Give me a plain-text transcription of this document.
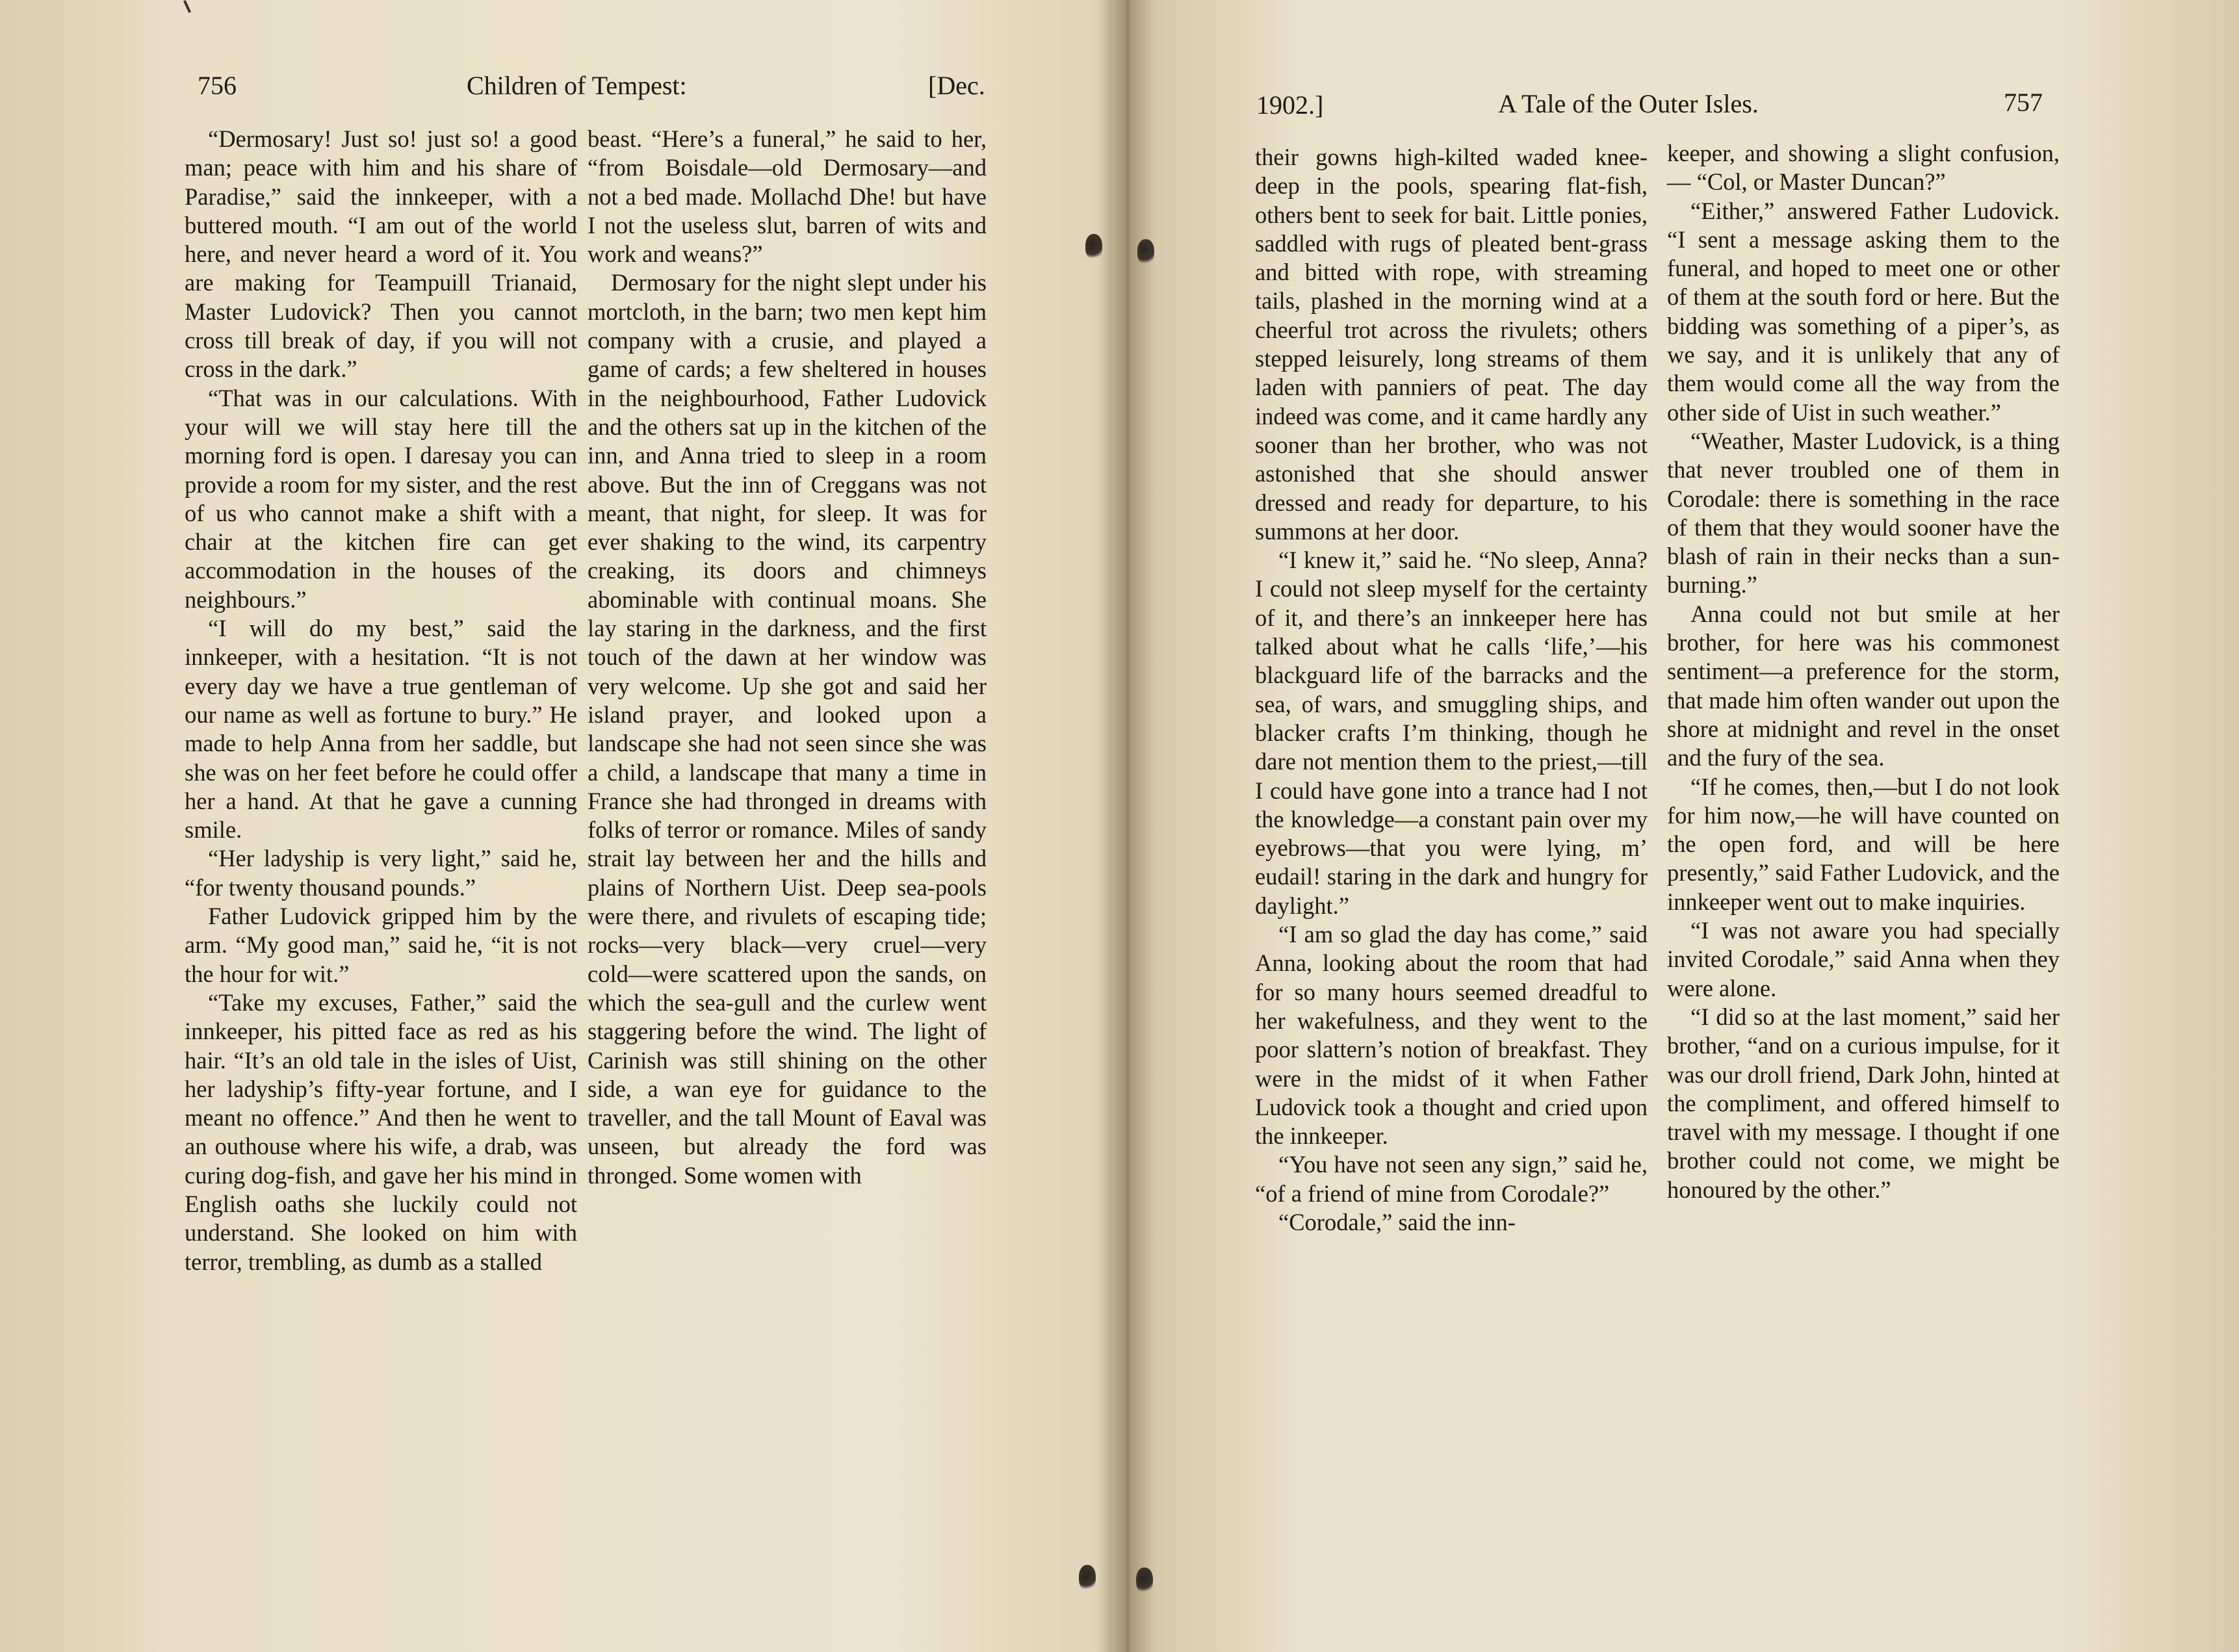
756	Children of Tempest:	[Dec.

“Dermosary! Just so! just so! a good man; peace with him and his share of Paradise,” said the innkeeper, with a buttered mouth. “I am out of the world here, and never heard a word of it. You are making for Teampuill Trianaid, Master Ludovick? Then you cannot cross till break of day, if you will not cross in the dark.”

“That was in our calculations. With your will we will stay here till the morning ford is open. I daresay you can provide a room for my sister, and the rest of us who cannot make a shift with a chair at the kitchen fire can get accommodation in the houses of the neighbours.”

“I will do my best,” said the innkeeper, with a hesitation. “It is not every day we have a true gentleman of our name as well as fortune to bury.” He made to help Anna from her saddle, but she was on her feet before he could offer her a hand. At that he gave a cunning smile.

“Her ladyship is very light,” said he, “for twenty thousand pounds.”

Father Ludovick gripped him by the arm. “My good man,” said he, “it is not the hour for wit.”

“Take my excuses, Father,” said the innkeeper, his pitted face as red as his hair. “It’s an old tale in the isles of Uist, her ladyship’s fifty-year fortune, and I meant no offence.” And then he went to an outhouse where his wife, a drab, was curing dog-fish, and gave her his mind in English oaths she luckily could not understand. She looked on him with terror, trembling, as dumb as a stalled

beast. “Here’s a funeral,” he said to her, “from Boisdale—old Dermosary—and not a bed made. Mollachd Dhe! but have I not the useless slut, barren of wits and work and weans?”

Dermosary for the night slept under his mortcloth, in the barn; two men kept him company with a crusie, and played a game of cards; a few sheltered in houses in the neighbourhood, Father Ludovick and the others sat up in the kitchen of the inn, and Anna tried to sleep in a room above. But the inn of Creggans was not meant, that night, for sleep. It was for ever shaking to the wind, its carpentry creaking, its doors and chimneys abominable with continual moans. She lay staring in the darkness, and the first touch of the dawn at her window was very welcome. Up she got and said her island prayer, and looked upon a landscape she had not seen since she was a child, a landscape that many a time in France she had thronged in dreams with folks of terror or romance. Miles of sandy strait lay between her and the hills and plains of Northern Uist. Deep sea-pools were there, and rivulets of escaping tide; rocks—very black—very cruel—very cold—were scattered upon the sands, on which the sea-gull and the curlew went staggering before the wind. The light of Carinish was still shining on the other side, a wan eye for guidance to the traveller, and the tall Mount of Eaval was unseen, but already the ford was thronged. Some women with

1902.]	A Tale of the Outer Isles.	757

their gowns high-kilted waded knee-deep in the pools, spearing flat-fish, others bent to seek for bait. Little ponies, saddled with rugs of pleated bent-grass and bitted with rope, with streaming tails, plashed in the morning wind at a cheerful trot across the rivulets; others stepped leisurely, long streams of them laden with panniers of peat. The day indeed was come, and it came hardly any sooner than her brother, who was not astonished that she should answer dressed and ready for departure, to his summons at her door.

“I knew it,” said he. “No sleep, Anna? I could not sleep myself for the certainty of it, and there’s an innkeeper here has talked about what he calls ‘life,’—his blackguard life of the barracks and the sea, of wars, and smuggling ships, and blacker crafts I’m thinking, though he dare not mention them to the priest,—till I could have gone into a trance had I not the knowledge—a constant pain over my eyebrows—that you were lying, m’ eudail! staring in the dark and hungry for daylight.”

“I am so glad the day has come,” said Anna, looking about the room that had for so many hours seemed dreadful to her wakefulness, and they went to the poor slattern’s notion of breakfast. They were in the midst of it when Father Ludovick took a thought and cried upon the innkeeper.

“You have not seen any sign,” said he, “of a friend of mine from Corodale?”

“Corodale,” said the inn-

keeper, and showing a slight confusion, — “Col, or Master Duncan?”

“Either,” answered Father Ludovick. “I sent a message asking them to the funeral, and hoped to meet one or other of them at the south ford or here. But the bidding was something of a piper’s, as we say, and it is unlikely that any of them would come all the way from the other side of Uist in such weather.”

“Weather, Master Ludovick, is a thing that never troubled one of them in Corodale: there is something in the race of them that they would sooner have the blash of rain in their necks than a sun-burning.”

Anna could not but smile at her brother, for here was his commonest sentiment—a preference for the storm, that made him often wander out upon the shore at midnight and revel in the onset and the fury of the sea.

“If he comes, then,—but I do not look for him now,—he will have counted on the open ford, and will be here presently,” said Father Ludovick, and the innkeeper went out to make inquiries.

“I was not aware you had specially invited Corodale,” said Anna when they were alone.

“I did so at the last moment,” said her brother, “and on a curious impulse, for it was our droll friend, Dark John, hinted at the compliment, and offered himself to travel with my message. I thought if one brother could not come, we might be honoured by the other.”
